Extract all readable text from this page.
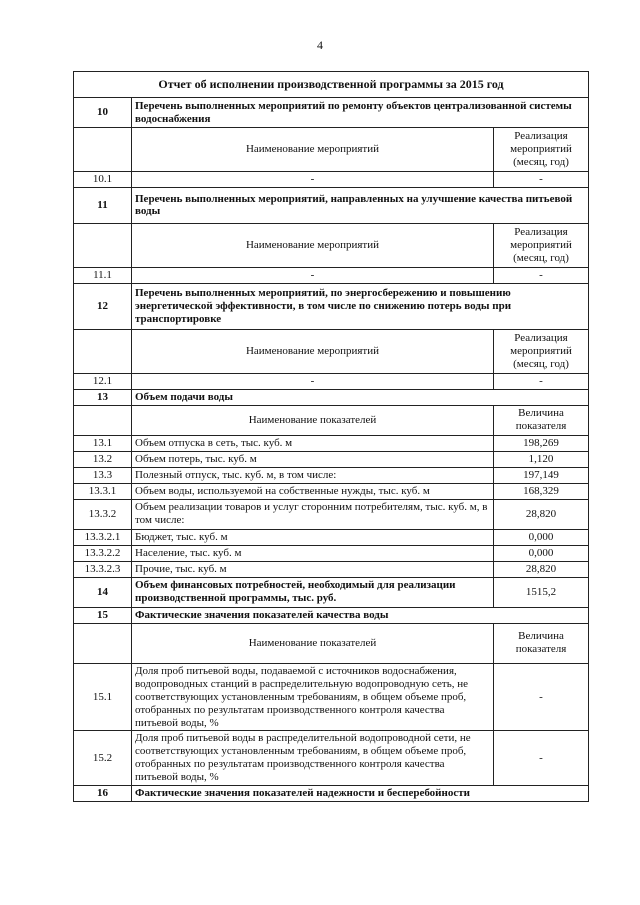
4
Отчет об исполнении производственной программы за 2015 год		
10	Перечень выполненных мероприятий по ремонту объектов централизованной системы водоснабжения	
	Наименование мероприятий	Реализация мероприятий (месяц, год)
10.1	-	-
11	Перечень выполненных мероприятий, направленных на улучшение качества питьевой воды	
	Наименование мероприятий	Реализация мероприятий (месяц, год)
11.1	-	-
12	Перечень выполненных мероприятий, по энергосбережению и повышению энергетической эффективности, в том числе по снижению потерь воды при транспортировке	
	Наименование мероприятий	Реализация мероприятий (месяц, год)
12.1	-	-
13	Объем подачи воды	
	Наименование показателей	Величина показателя
13.1	Объем отпуска в сеть, тыс. куб. м	198,269
13.2	Объем потерь, тыс. куб. м	1,120
13.3	Полезный отпуск, тыс. куб. м, в том числе:	197,149
13.3.1	Объем воды, используемой на собственные нужды, тыс. куб. м	168,329
13.3.2	Объем реализации товаров и услуг сторонним потребителям, тыс. куб. м, в том числе:	28,820
13.3.2.1	Бюджет, тыс. куб. м	0,000
13.3.2.2	Население, тыс. куб. м	0,000
13.3.2.3	Прочие, тыс. куб. м	28,820
14	Объем финансовых потребностей, необходимый для реализации производственной программы, тыс. руб.	1515,2
15	Фактические значения показателей качества воды	
	Наименование показателей	Величина показателя
15.1	Доля проб питьевой воды, подаваемой с источников водоснабжения, водопроводных станций в распределительную водопроводную сеть, не соответствующих установленным требованиям, в общем объеме проб, отобранных по результатам производственного контроля качества питьевой воды, %	-
15.2	Доля проб питьевой воды в распределительной водопроводной сети, не соответствующих установленным требованиям, в общем объеме проб, отобранных по результатам производственного контроля качества питьевой воды, %	-
16	Фактические значения показателей надежности и бесперебойности	
